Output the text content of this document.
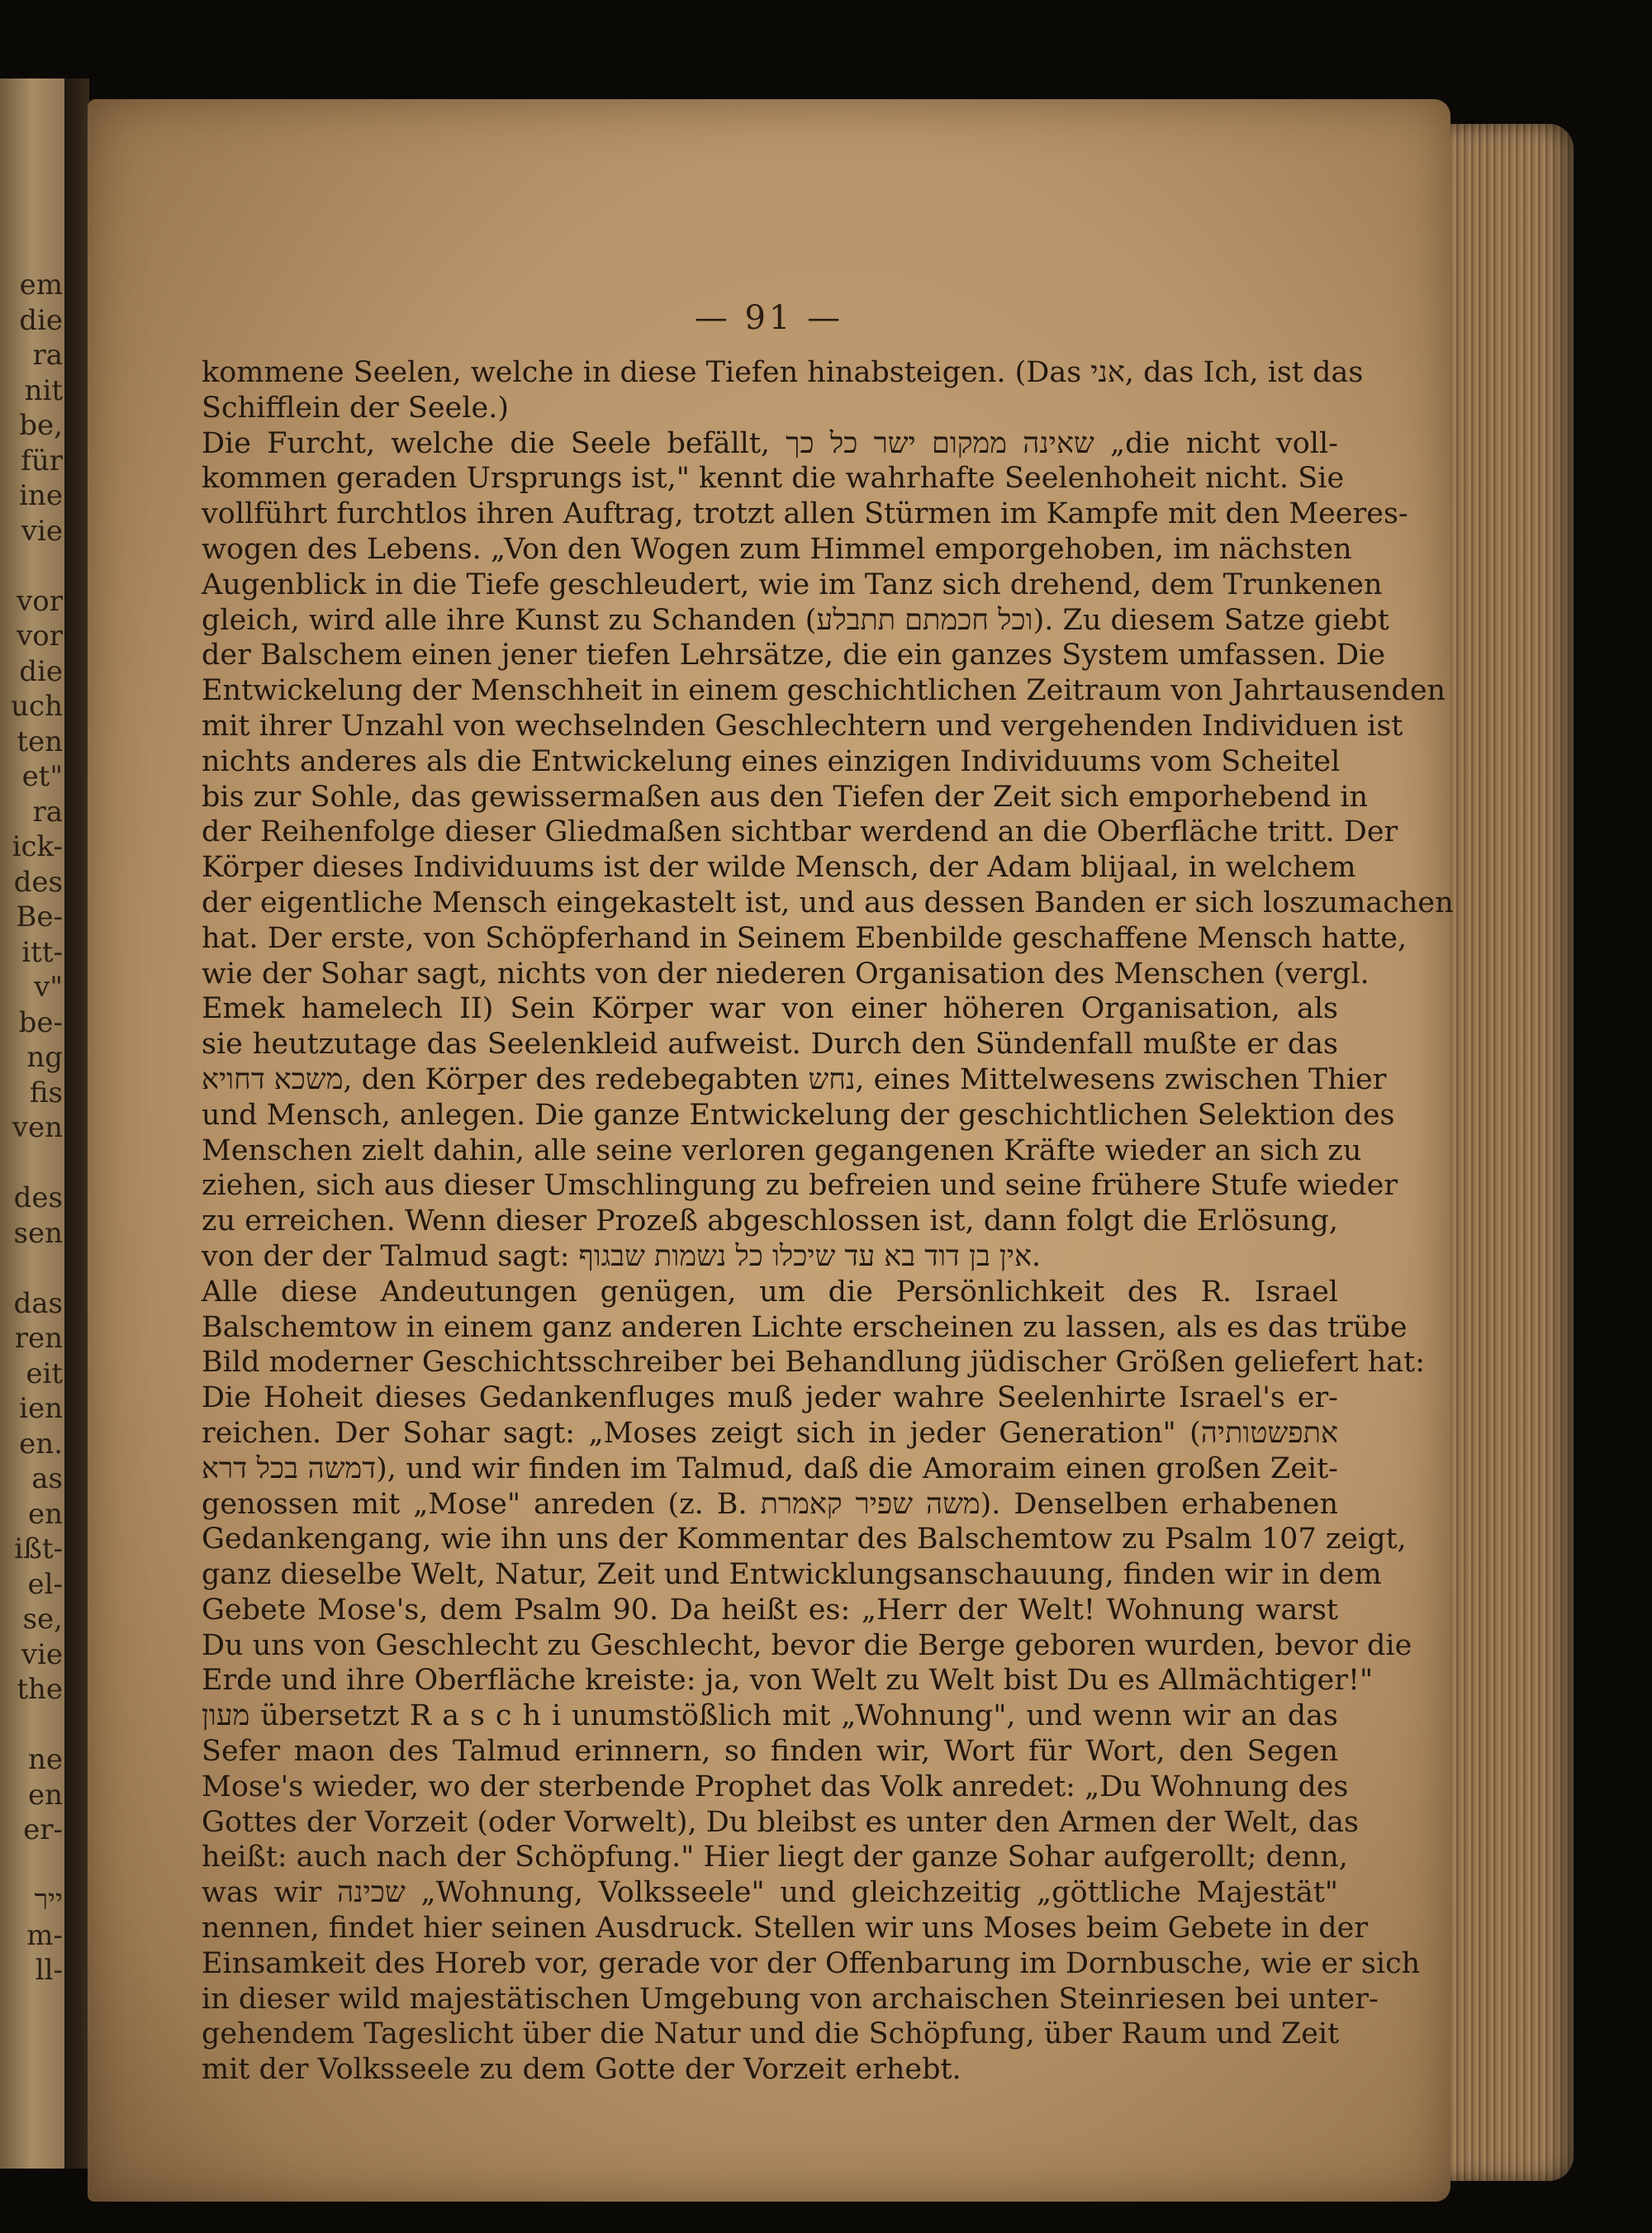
em
die
ra
nit
be,
für
ine
vie
vor
vor
die
uch
ten
et"
ra
ick-
des
Be-
itt-
v"
be-
ng
fis
ven
des
sen
das
ren
eit
ien
en.
as
en
ißt-
el-
se,
vie
the
ne
en
er-
ייר
m-
ll-
— 91 —
kommene Seelen, welche in diese Tiefen hinabsteigen. (Das אני, das Ich, ist das
Schifflein der Seele.)
Die Furcht, welche die Seele befällt, שאינה ממקום ישר כל כך „die nicht voll-
kommen geraden Ursprungs ist," kennt die wahrhafte Seelenhoheit nicht. Sie
vollführt furchtlos ihren Auftrag, trotzt allen Stürmen im Kampfe mit den Meeres-
wogen des Lebens. „Von den Wogen zum Himmel emporgehoben, im nächsten
Augenblick in die Tiefe geschleudert, wie im Tanz sich drehend, dem Trunkenen
gleich, wird alle ihre Kunst zu Schanden (וכל חכמתם תתבלע). Zu diesem Satze giebt
der Balschem einen jener tiefen Lehrsätze, die ein ganzes System umfassen. Die
Entwickelung der Menschheit in einem geschichtlichen Zeitraum von Jahrtausenden
mit ihrer Unzahl von wechselnden Geschlechtern und vergehenden Individuen ist
nichts anderes als die Entwickelung eines einzigen Individuums vom Scheitel
bis zur Sohle, das gewissermaßen aus den Tiefen der Zeit sich emporhebend in
der Reihenfolge dieser Gliedmaßen sichtbar werdend an die Oberfläche tritt. Der
Körper dieses Individuums ist der wilde Mensch, der Adam blijaal, in welchem
der eigentliche Mensch eingekastelt ist, und aus dessen Banden er sich loszumachen
hat. Der erste, von Schöpferhand in Seinem Ebenbilde geschaffene Mensch hatte,
wie der Sohar sagt, nichts von der niederen Organisation des Menschen (vergl.
Emek hamelech II) Sein Körper war von einer höheren Organisation, als
sie heutzutage das Seelenkleid aufweist. Durch den Sündenfall mußte er das
משכא דחויא, den Körper des redebegabten נחש, eines Mittelwesens zwischen Thier
und Mensch, anlegen. Die ganze Entwickelung der geschichtlichen Selektion des
Menschen zielt dahin, alle seine verloren gegangenen Kräfte wieder an sich zu
ziehen, sich aus dieser Umschlingung zu befreien und seine frühere Stufe wieder
zu erreichen. Wenn dieser Prozeß abgeschlossen ist, dann folgt die Erlösung,
von der der Talmud sagt: אין בן דוד בא עד שיכלו כל נשמות שבגוף.
Alle diese Andeutungen genügen, um die Persönlichkeit des R. Israel
Balschemtow in einem ganz anderen Lichte erscheinen zu lassen, als es das trübe
Bild moderner Geschichtsschreiber bei Behandlung jüdischer Größen geliefert hat:
Die Hoheit dieses Gedankenfluges muß jeder wahre Seelenhirte Israel's er-
reichen. Der Sohar sagt: „Moses zeigt sich in jeder Generation" (אתפשטותיה
דמשה בכל דרא), und wir finden im Talmud, daß die Amoraim einen großen Zeit-
genossen mit „Mose" anreden (z. B. משה שפיר קאמרת). Denselben erhabenen
Gedankengang, wie ihn uns der Kommentar des Balschemtow zu Psalm 107 zeigt,
ganz dieselbe Welt, Natur, Zeit und Entwicklungsanschauung, finden wir in dem
Gebete Mose's, dem Psalm 90. Da heißt es: „Herr der Welt! Wohnung warst
Du uns von Geschlecht zu Geschlecht, bevor die Berge geboren wurden, bevor die
Erde und ihre Oberfläche kreiste: ja, von Welt zu Welt bist Du es Allmächtiger!"
מעון übersetzt R a s c h i unumstößlich mit „Wohnung", und wenn wir an das
Sefer maon des Talmud erinnern, so finden wir, Wort für Wort, den Segen
Mose's wieder, wo der sterbende Prophet das Volk anredet: „Du Wohnung des
Gottes der Vorzeit (oder Vorwelt), Du bleibst es unter den Armen der Welt, das
heißt: auch nach der Schöpfung." Hier liegt der ganze Sohar aufgerollt; denn,
was wir שכינה „Wohnung, Volksseele" und gleichzeitig „göttliche Majestät"
nennen, findet hier seinen Ausdruck. Stellen wir uns Moses beim Gebete in der
Einsamkeit des Horeb vor, gerade vor der Offenbarung im Dornbusche, wie er sich
in dieser wild majestätischen Umgebung von archaischen Steinriesen bei unter-
gehendem Tageslicht über die Natur und die Schöpfung, über Raum und Zeit
mit der Volksseele zu dem Gotte der Vorzeit erhebt.
